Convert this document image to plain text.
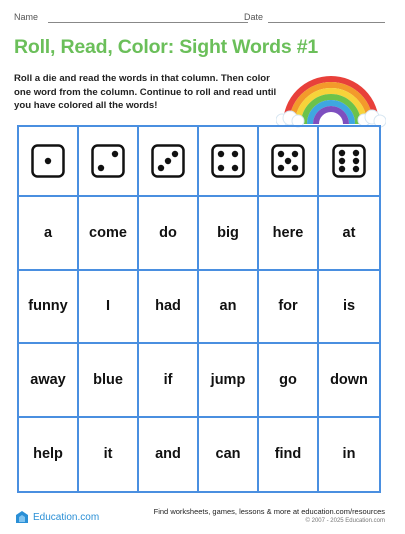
Name	Date
Roll, Read, Color: Sight Words #1
Roll a die and read the words in that column. Then color one word from the column. Continue to roll and read until you have colored all the words!
a	come	do	big	here	at
funny	I	had	an	for	is
away	blue	if	jump	go	down
help	it	and	can	find	in
Education.com	Find worksheets, games, lessons & more at education.com/resources
© 2007 - 2025 Education.com
